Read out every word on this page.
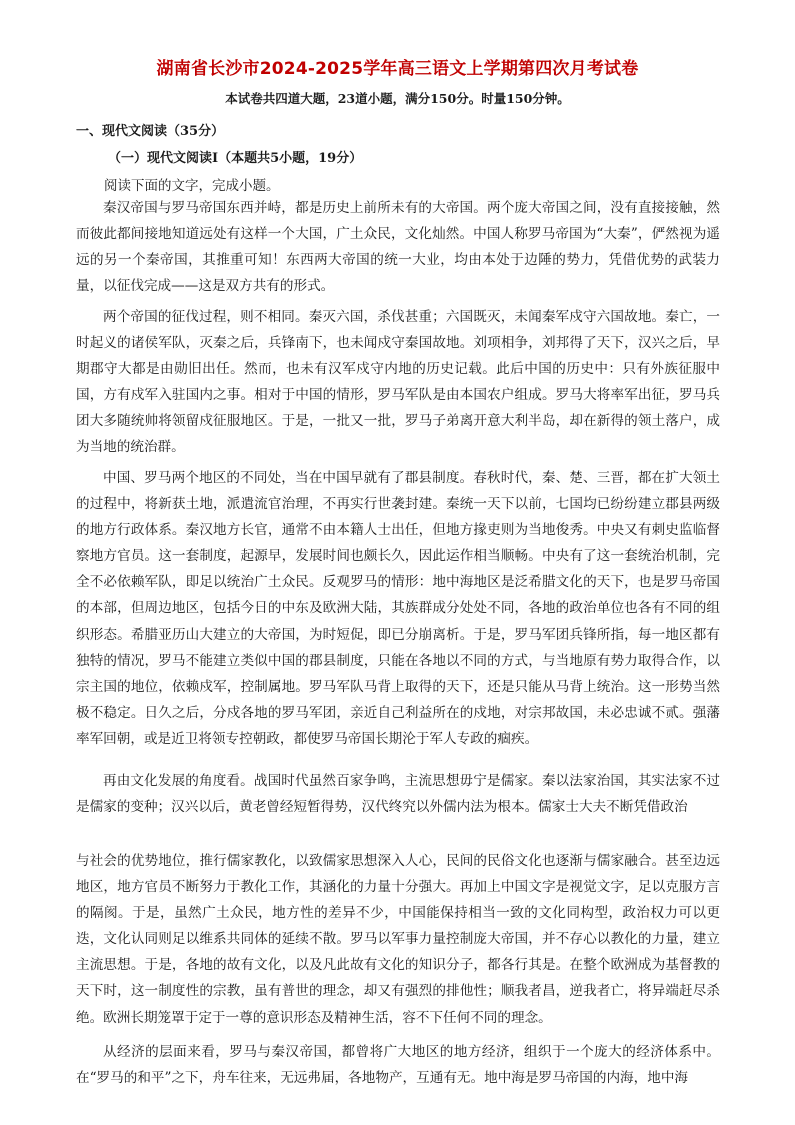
湖南省长沙市2024-2025学年高三语文上学期第四次月考试卷
本试卷共四道大题，23道小题，满分150分。时量150分钟。
一、现代文阅读（35分）
（一）现代文阅读Ⅰ（本题共5小题，19分）
阅读下面的文字，完成小题。

秦汉帝国与罗马帝国东西并峙，都是历史上前所未有的大帝国。两个庞大帝国之间，没有直接接触，然而彼此都间接地知道远处有这样一个大国，广土众民，文化灿然。中国人称罗马帝国为“大秦”，俨然视为遥远的另一个秦帝国，其推重可知！东西两大帝国的统一大业，均由本处于边陲的势力，凭借优势的武装力量，以征伐完成——这是双方共有的形式。

两个帝国的征伐过程，则不相同。秦灭六国，杀伐甚重；六国既灭，未闻秦军戍守六国故地。秦亡，一时起义的诸侯军队，灭秦之后，兵锋南下，也未闻戍守秦国故地。刘项相争，刘邦得了天下，汉兴之后，早期郡守大都是由勋旧出任。然而，也未有汉军戍守内地的历史记载。此后中国的历史中：只有外族征服中国，方有戍军入驻国内之事。相对于中国的情形，罗马军队是由本国农户组成。罗马大将率军出征，罗马兵团大多随统帅将领留戍征服地区。于是，一批又一批，罗马子弟离开意大利半岛，却在新得的领土落户，成为当地的统治群。

中国、罗马两个地区的不同处，当在中国早就有了郡县制度。春秋时代，秦、楚、三晋，都在扩大领土的过程中，将新获土地，派遣流官治理，不再实行世袭封建。秦统一天下以前，七国均已纷纷建立郡县两级的地方行政体系。秦汉地方长官，通常不由本籍人士出任，但地方掾吏则为当地俊秀。中央又有刺史监临督察地方官员。这一套制度，起源早，发展时间也颇长久，因此运作相当顺畅。中央有了这一套统治机制，完全不必依赖军队，即足以统治广土众民。反观罗马的情形：地中海地区是泛希腊文化的天下，也是罗马帝国的本部，但周边地区，包括今日的中东及欧洲大陆，其族群成分处处不同，各地的政治单位也各有不同的组织形态。希腊亚历山大建立的大帝国，为时短促，即已分崩离析。于是，罗马军团兵锋所指，每一地区都有独特的情况，罗马不能建立类似中国的郡县制度，只能在各地以不同的方式，与当地原有势力取得合作，以宗主国的地位，依赖戍军，控制属地。罗马军队马背上取得的天下，还是只能从马背上统治。这一形势当然极不稳定。日久之后，分戍各地的罗马军团，亲近自己利益所在的戍地，对宗邦故国，未必忠诚不贰。强藩率军回朝，或是近卫将领专控朝政，都使罗马帝国长期沦于军人专政的痼疾。

再由文化发展的角度看。战国时代虽然百家争鸣，主流思想毋宁是儒家。秦以法家治国，其实法家不过是儒家的变种；汉兴以后，黄老曾经短暂得势，汉代终究以外儒内法为根本。儒家士大夫不断凭借政治

与社会的优势地位，推行儒家教化，以致儒家思想深入人心，民间的民俗文化也逐渐与儒家融合。甚至边远地区，地方官员不断努力于教化工作，其涵化的力量十分强大。再加上中国文字是视觉文字，足以克服方言的隔阂。于是，虽然广土众民，地方性的差异不少，中国能保持相当一致的文化同构型，政治权力可以更迭，文化认同则足以维系共同体的延续不散。罗马以军事力量控制庞大帝国，并不存心以教化的力量，建立主流思想。于是，各地的故有文化，以及凡此故有文化的知识分子，都各行其是。在整个欧洲成为基督教的天下时，这一制度性的宗教，虽有普世的理念，却又有强烈的排他性；顺我者昌，逆我者亡，将异端赶尽杀绝。欧洲长期笼罩于定于一尊的意识形态及精神生活，容不下任何不同的理念。

从经济的层面来看，罗马与秦汉帝国，都曾将广大地区的地方经济，组织于一个庞大的经济体系中。在“罗马的和平”之下，舟车往来，无远弗届，各地物产，互通有无。地中海是罗马帝国的内海，地中海
